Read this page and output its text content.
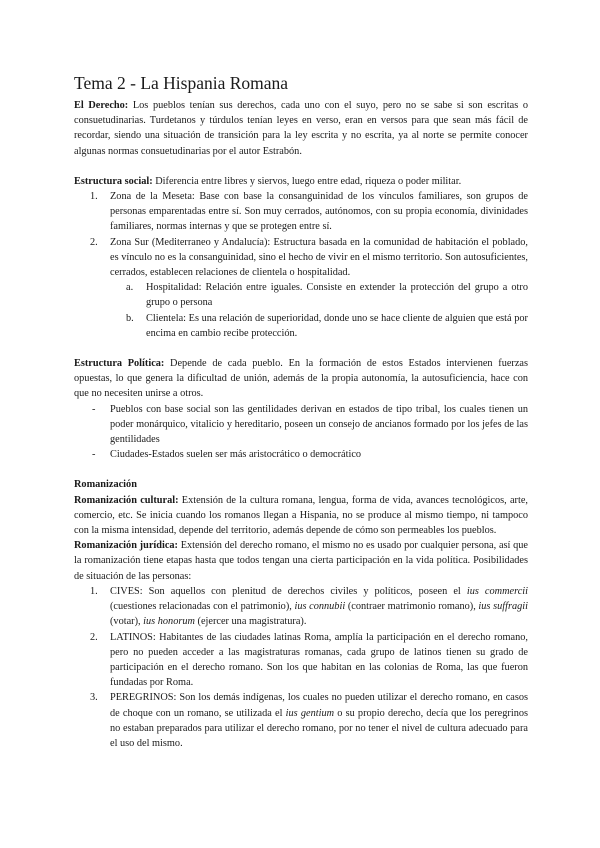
Tema 2 - La Hispania Romana

El Derecho: Los pueblos tenían sus derechos, cada uno con el suyo, pero no se sabe si son escritas o consuetudinarias. Turdetanos y túrdulos tenían leyes en verso, eran en versos para que sean más fácil de recordar, siendo una situación de transición para la ley escrita y no escrita, ya al norte se permite conocer algunas normas consuetudinarias por el autor Estrabón.

Estructura social: Diferencia entre libres y siervos, luego entre edad, riqueza o poder militar.

1. Zona de la Meseta: Base con base la consanguinidad de los vínculos familiares, son grupos de personas emparentadas entre sí. Son muy cerrados, autónomos, con su propia economía, divinidades familiares, normas internas y que se protegen entre sí.
2. Zona Sur (Mediterraneo y Andalucía): Estructura basada en la comunidad de habitación el poblado, es vínculo no es la consanguinidad, sino el hecho de vivir en el mismo territorio. Son autosuficientes, cerrados, establecen relaciones de clientela o hospitalidad.
a. Hospitalidad: Relación entre iguales. Consiste en extender la protección del grupo a otro grupo o persona
b. Clientela: Es una relación de superioridad, donde uno se hace cliente de alguien que está por encima en cambio recibe protección.

Estructura Política: Depende de cada pueblo. En la formación de estos Estados intervienen fuerzas opuestas, lo que genera la dificultad de unión, además de la propia autonomía, la autosuficiencia, hace con que no necesiten unirse a otros.

- Pueblos con base social son las gentilidades derivan en estados de tipo tribal, los cuales tienen un poder monárquico, vitalicio y hereditario, poseen un consejo de ancianos formado por los jefes de las gentilidades
- Ciudades-Estados suelen ser más aristocrático o democrático

Romanización

Romanización cultural: Extensión de la cultura romana, lengua, forma de vida, avances tecnológicos, arte, comercio, etc. Se inicia cuando los romanos llegan a Hispania, no se produce al mismo tiempo, ni tampoco con la misma intensidad, depende del territorio, además depende de cómo son permeables los pueblos.

Romanización jurídica: Extensión del derecho romano, el mismo no es usado por cualquier persona, así que la romanización tiene etapas hasta que todos tengan una cierta participación en la vida política. Posibilidades de situación de las personas:

1. CIVES: Son aquellos con plenitud de derechos civiles y políticos, poseen el ius commercii (cuestiones relacionadas con el patrimonio), ius connubii (contraer matrimonio romano), ius suffragii (votar), ius honorum (ejercer una magistratura).
2. LATINOS: Habitantes de las ciudades latinas Roma, amplía la participación en el derecho romano, pero no pueden acceder a las magistraturas romanas, cada grupo de latinos tienen su grado de participación en el derecho romano. Son los que habitan en las colonias de Roma, las que fueron fundadas por Roma.
3. PEREGRINOS: Son los demás indígenas, los cuales no pueden utilizar el derecho romano, en casos de choque con un romano, se utilizada el ius gentium o su propio derecho, decía que los peregrinos no estaban preparados para utilizar el derecho romano, por no tener el nivel de cultura adecuado para el uso del mismo.
